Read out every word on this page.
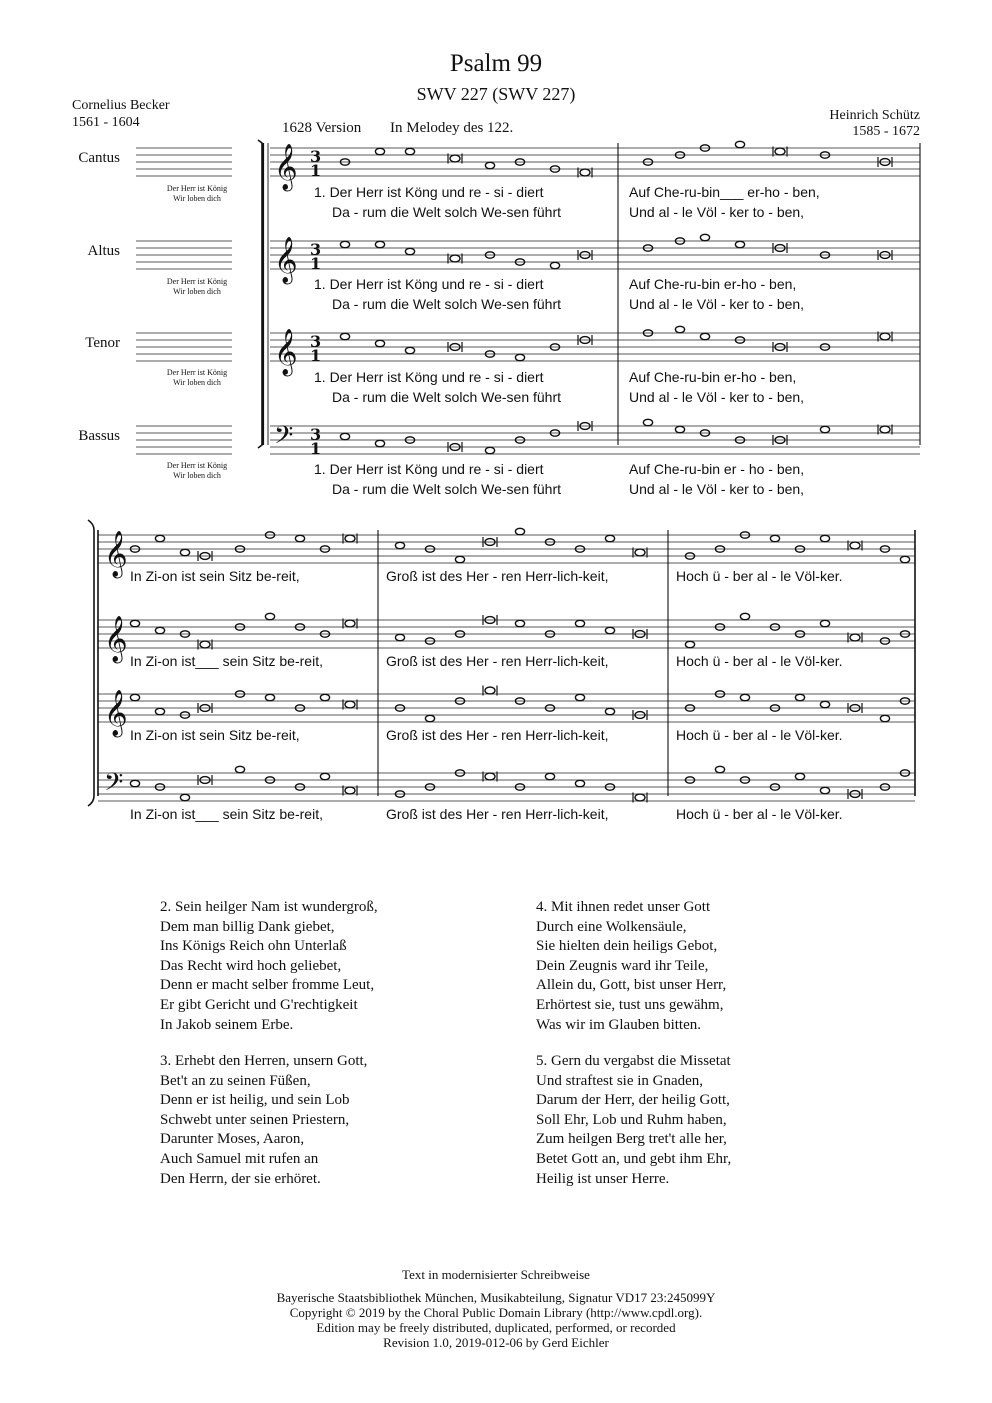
Psalm 99
SWV 227 (SWV 227)
Cornelius Becker
1561 - 1604	Heinrich Schütz
1585 - 1672
1628 Version In Melodey des 122.
Cantus
Altus
Tenor
Bassus
Der Herr ist König
Wir loben dich
Der Herr ist König
Wir loben dich
Der Herr ist König
Wir loben dich
Der Herr ist König
Wir loben dich
𝄞 3
1
𝄞 3
1
𝄞 3
1
𝄢 3
1
𝄞
𝄞
𝄞
𝄢
1. Der Herr ist Köng und re - si - diert	Auf Che-ru-bin___ er-ho - ben,
Da - rum die Welt solch We-sen führt	Und al - le Völ - ker to - ben,
1. Der Herr ist Köng und re - si - diert	Auf Che-ru-bin er-ho - ben,
Da - rum die Welt solch We-sen führt	Und al - le Völ - ker to - ben,
1. Der Herr ist Köng und re - si - diert	Auf Che-ru-bin er-ho - ben,
Da - rum die Welt solch We-sen führt	Und al - le Völ - ker to - ben,
1. Der Herr ist Köng und re - si - diert	Auf Che-ru-bin er - ho - ben,
Da - rum die Welt solch We-sen führt	Und al - le Völ - ker to - ben,
In Zi-on ist sein Sitz be-reit,	Groß ist des Her - ren Herr-lich-keit,	Hoch ü - ber al - le Völ-ker.
In Zi-on ist___ sein Sitz be-reit,	Groß ist des Her - ren Herr-lich-keit,	Hoch ü - ber al - le Völ-ker.
In Zi-on ist sein Sitz be-reit,	Groß ist des Her - ren Herr-lich-keit,	Hoch ü - ber al - le Völ-ker.
In Zi-on ist___ sein Sitz be-reit,	Groß ist des Her - ren Herr-lich-keit,	Hoch ü - ber al - le Völ-ker.
2. Sein heilger Nam ist wundergroß,
Dem man billig Dank giebet,
Ins Königs Reich ohn Unterlaß
Das Recht wird hoch geliebet,
Denn er macht selber fromme Leut,
Er gibt Gericht und G'rechtigkeit
In Jakob seinem Erbe.
3. Erhebt den Herren, unsern Gott,
Bet't an zu seinen Füßen,
Denn er ist heilig, und sein Lob
Schwebt unter seinen Priestern,
Darunter Moses, Aaron,
Auch Samuel mit rufen an
Den Herrn, der sie erhöret.
4. Mit ihnen redet unser Gott
Durch eine Wolkensäule,
Sie hielten dein heiligs Gebot,
Dein Zeugnis ward ihr Teile,
Allein du, Gott, bist unser Herr,
Erhörtest sie, tust uns gewähm,
Was wir im Glauben bitten.
5. Gern du vergabst die Missetat
Und straftest sie in Gnaden,
Darum der Herr, der heilig Gott,
Soll Ehr, Lob und Ruhm haben,
Zum heilgen Berg tret't alle her,
Betet Gott an, und gebt ihm Ehr,
Heilig ist unser Herre.
Text in modernisierter Schreibweise
Bayerische Staatsbibliothek München, Musikabteilung, Signatur VD17 23:245099Y
Copyright © 2019 by the Choral Public Domain Library (http://www.cpdl.org).
Edition may be freely distributed, duplicated, performed, or recorded
Revision 1.0, 2019-012-06 by Gerd Eichler
